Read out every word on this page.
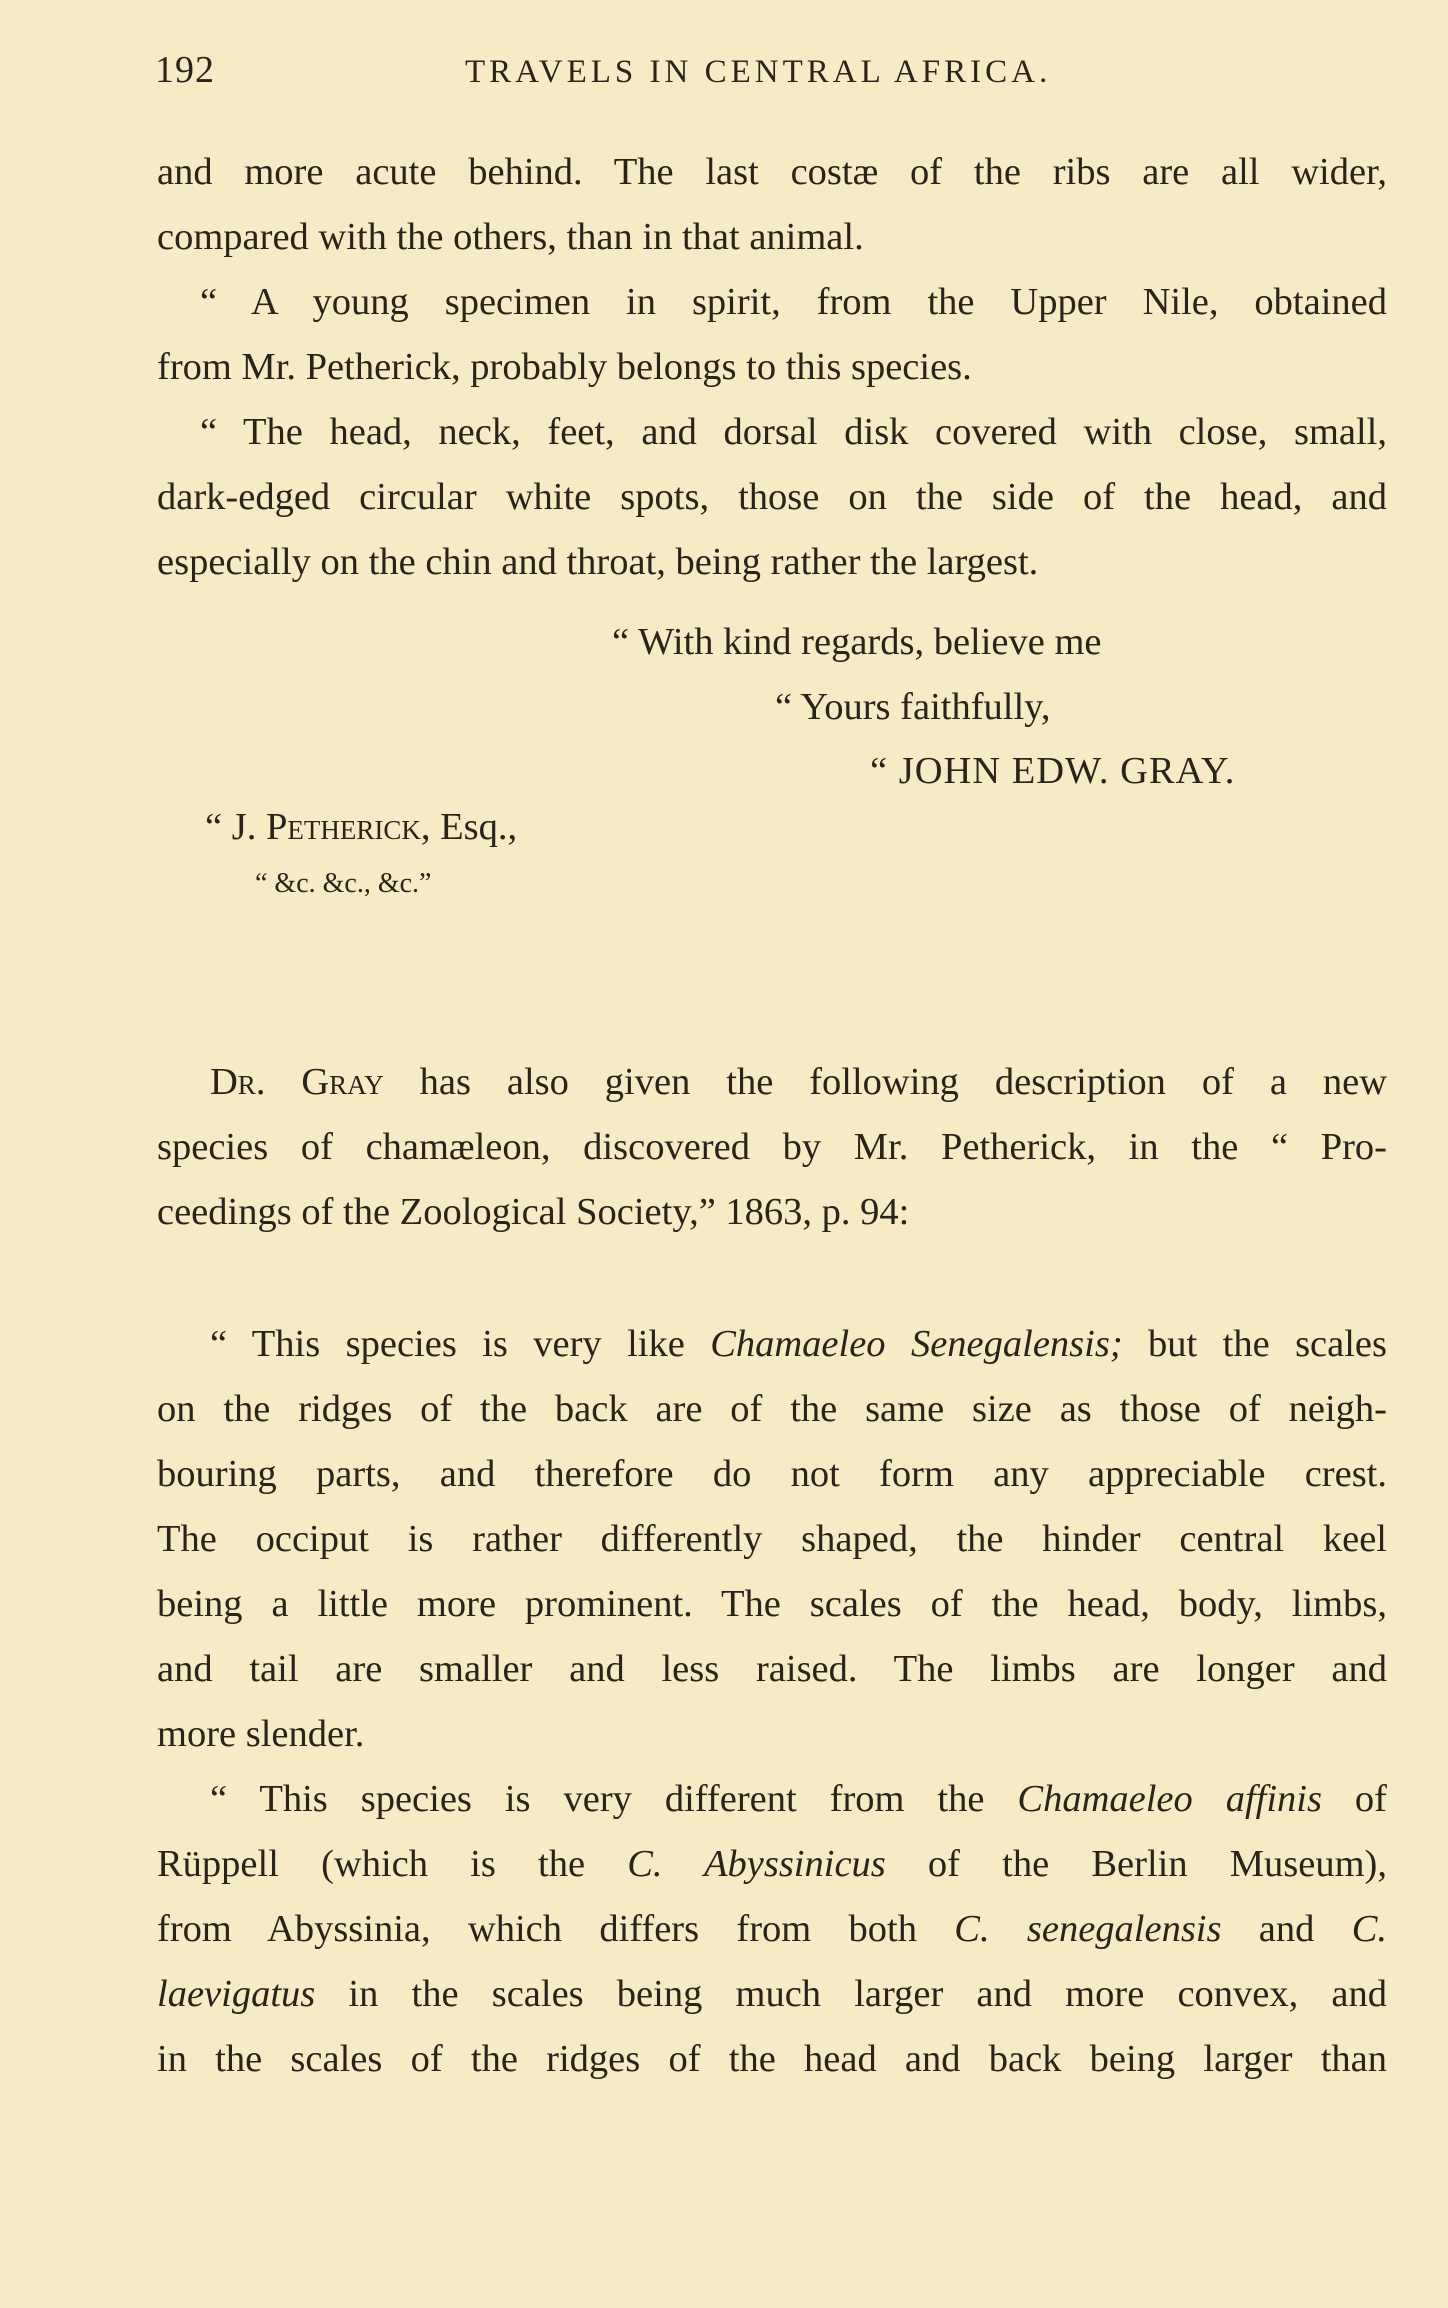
192	TRAVELS IN CENTRAL AFRICA.
and more acute behind. The last costæ of the ribs are all wider,
compared with the others, than in that animal.
“ A young specimen in spirit, from the Upper Nile, obtained
from Mr. Petherick, probably belongs to this species.
“ The head, neck, feet, and dorsal disk covered with close, small,
dark-edged circular white spots, those on the side of the head, and
especially on the chin and throat, being rather the largest.
“ With kind regards, believe me
“ Yours faithfully,
“ JOHN EDW. GRAY.
“ J. Petherick, Esq.,
“ &c. &c., &c.”
Dr. Gray has also given the following description of a new
species of chamæleon, discovered by Mr. Petherick, in the “ Pro-
ceedings of the Zoological Society,” 1863, p. 94:
“ This species is very like Chamaeleo Senegalensis; but the scales
on the ridges of the back are of the same size as those of neigh-
bouring parts, and therefore do not form any appreciable crest.
The occiput is rather differently shaped, the hinder central keel
being a little more prominent. The scales of the head, body, limbs,
and tail are smaller and less raised. The limbs are longer and
more slender.
“ This species is very different from the Chamaeleo affinis of
Rüppell (which is the C. Abyssinicus of the Berlin Museum),
from Abyssinia, which differs from both C. senegalensis and C.
laevigatus in the scales being much larger and more convex, and
in the scales of the ridges of the head and back being larger than
